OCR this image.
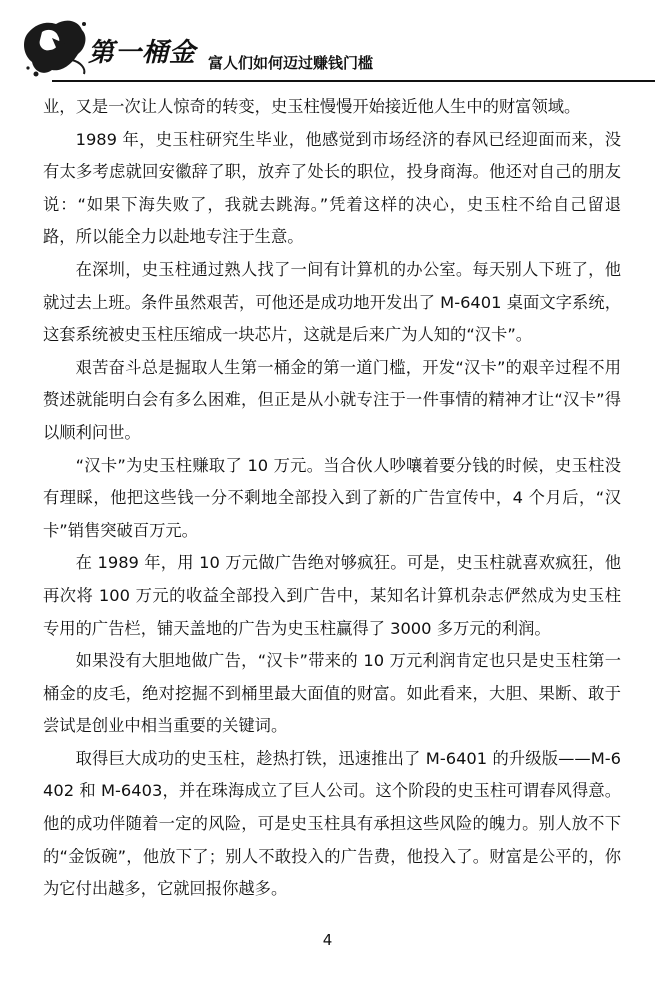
第一桶金 富人们如何迈过赚钱门槛

业，又是一次让人惊奇的转变，史玉柱慢慢开始接近他人生中的财富领域。

1989 年，史玉柱研究生毕业，他感觉到市场经济的春风已经迎面而来，没有太多考虑就回安徽辞了职，放弃了处长的职位，投身商海。他还对自己的朋友说：“如果下海失败了，我就去跳海。”凭着这样的决心，史玉柱不给自己留退路，所以能全力以赴地专注于生意。

在深圳，史玉柱通过熟人找了一间有计算机的办公室。每天别人下班了，他就过去上班。条件虽然艰苦，可他还是成功地开发出了 M-6401 桌面文字系统，这套系统被史玉柱压缩成一块芯片，这就是后来广为人知的“汉卡”。

艰苦奋斗总是掘取人生第一桶金的第一道门槛，开发“汉卡”的艰辛过程不用赘述就能明白会有多么困难，但正是从小就专注于一件事情的精神才让“汉卡”得以顺利问世。

“汉卡”为史玉柱赚取了 10 万元。当合伙人吵嚷着要分钱的时候，史玉柱没有理睬，他把这些钱一分不剩地全部投入到了新的广告宣传中，4 个月后，“汉卡”销售突破百万元。

在 1989 年，用 10 万元做广告绝对够疯狂。可是，史玉柱就喜欢疯狂，他再次将 100 万元的收益全部投入到广告中，某知名计算机杂志俨然成为史玉柱专用的广告栏，铺天盖地的广告为史玉柱赢得了 3000 多万元的利润。

如果没有大胆地做广告，“汉卡”带来的 10 万元利润肯定也只是史玉柱第一桶金的皮毛，绝对挖掘不到桶里最大面值的财富。如此看来，大胆、果断、敢于尝试是创业中相当重要的关键词。

取得巨大成功的史玉柱，趁热打铁，迅速推出了 M-6401 的升级版——M-6402 和 M-6403，并在珠海成立了巨人公司。这个阶段的史玉柱可谓春风得意。他的成功伴随着一定的风险，可是史玉柱具有承担这些风险的魄力。别人放不下的“金饭碗”，他放下了；别人不敢投入的广告费，他投入了。财富是公平的，你为它付出越多，它就回报你越多。

4
